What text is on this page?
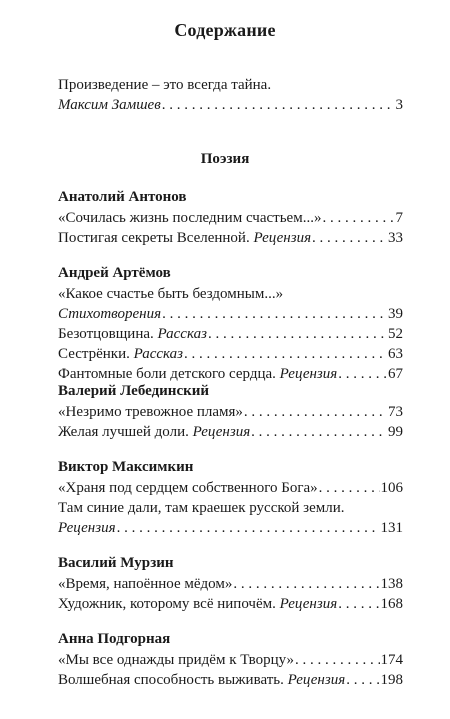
Содержание
Произведение – это всегда тайна.
Максим Замшев . . .	3
Поэзия
Анатолий Антонов
«Сочилась жизнь последним счастьем...» . . .	7
Постигая секреты Вселенной. Рецензия . . .	33
Андрей Артёмов
«Какое счастье быть бездомным...»
Стихотворения . . .	39
Безотцовщина. Рассказ . . .	52
Сестрёнки. Рассказ . . .	63
Фантомные боли детского сердца. Рецензия . . .	67
Валерий Лебединский
«Незримо тревожное пламя» . . .	73
Желая лучшей доли. Рецензия . . .	99
Виктор Максимкин
«Храня под сердцем собственного Бога» . . .	106
Там синие дали, там краешек русской земли.
Рецензия . . .	131
Василий Мурзин
«Время, напоённое мёдом» . . .	138
Художник, которому всё нипочём. Рецензия . . .	168
Анна Подгорная
«Мы все однажды придём к Творцу» . . .	174
Волшебная способность выживать. Рецензия . . . 198
